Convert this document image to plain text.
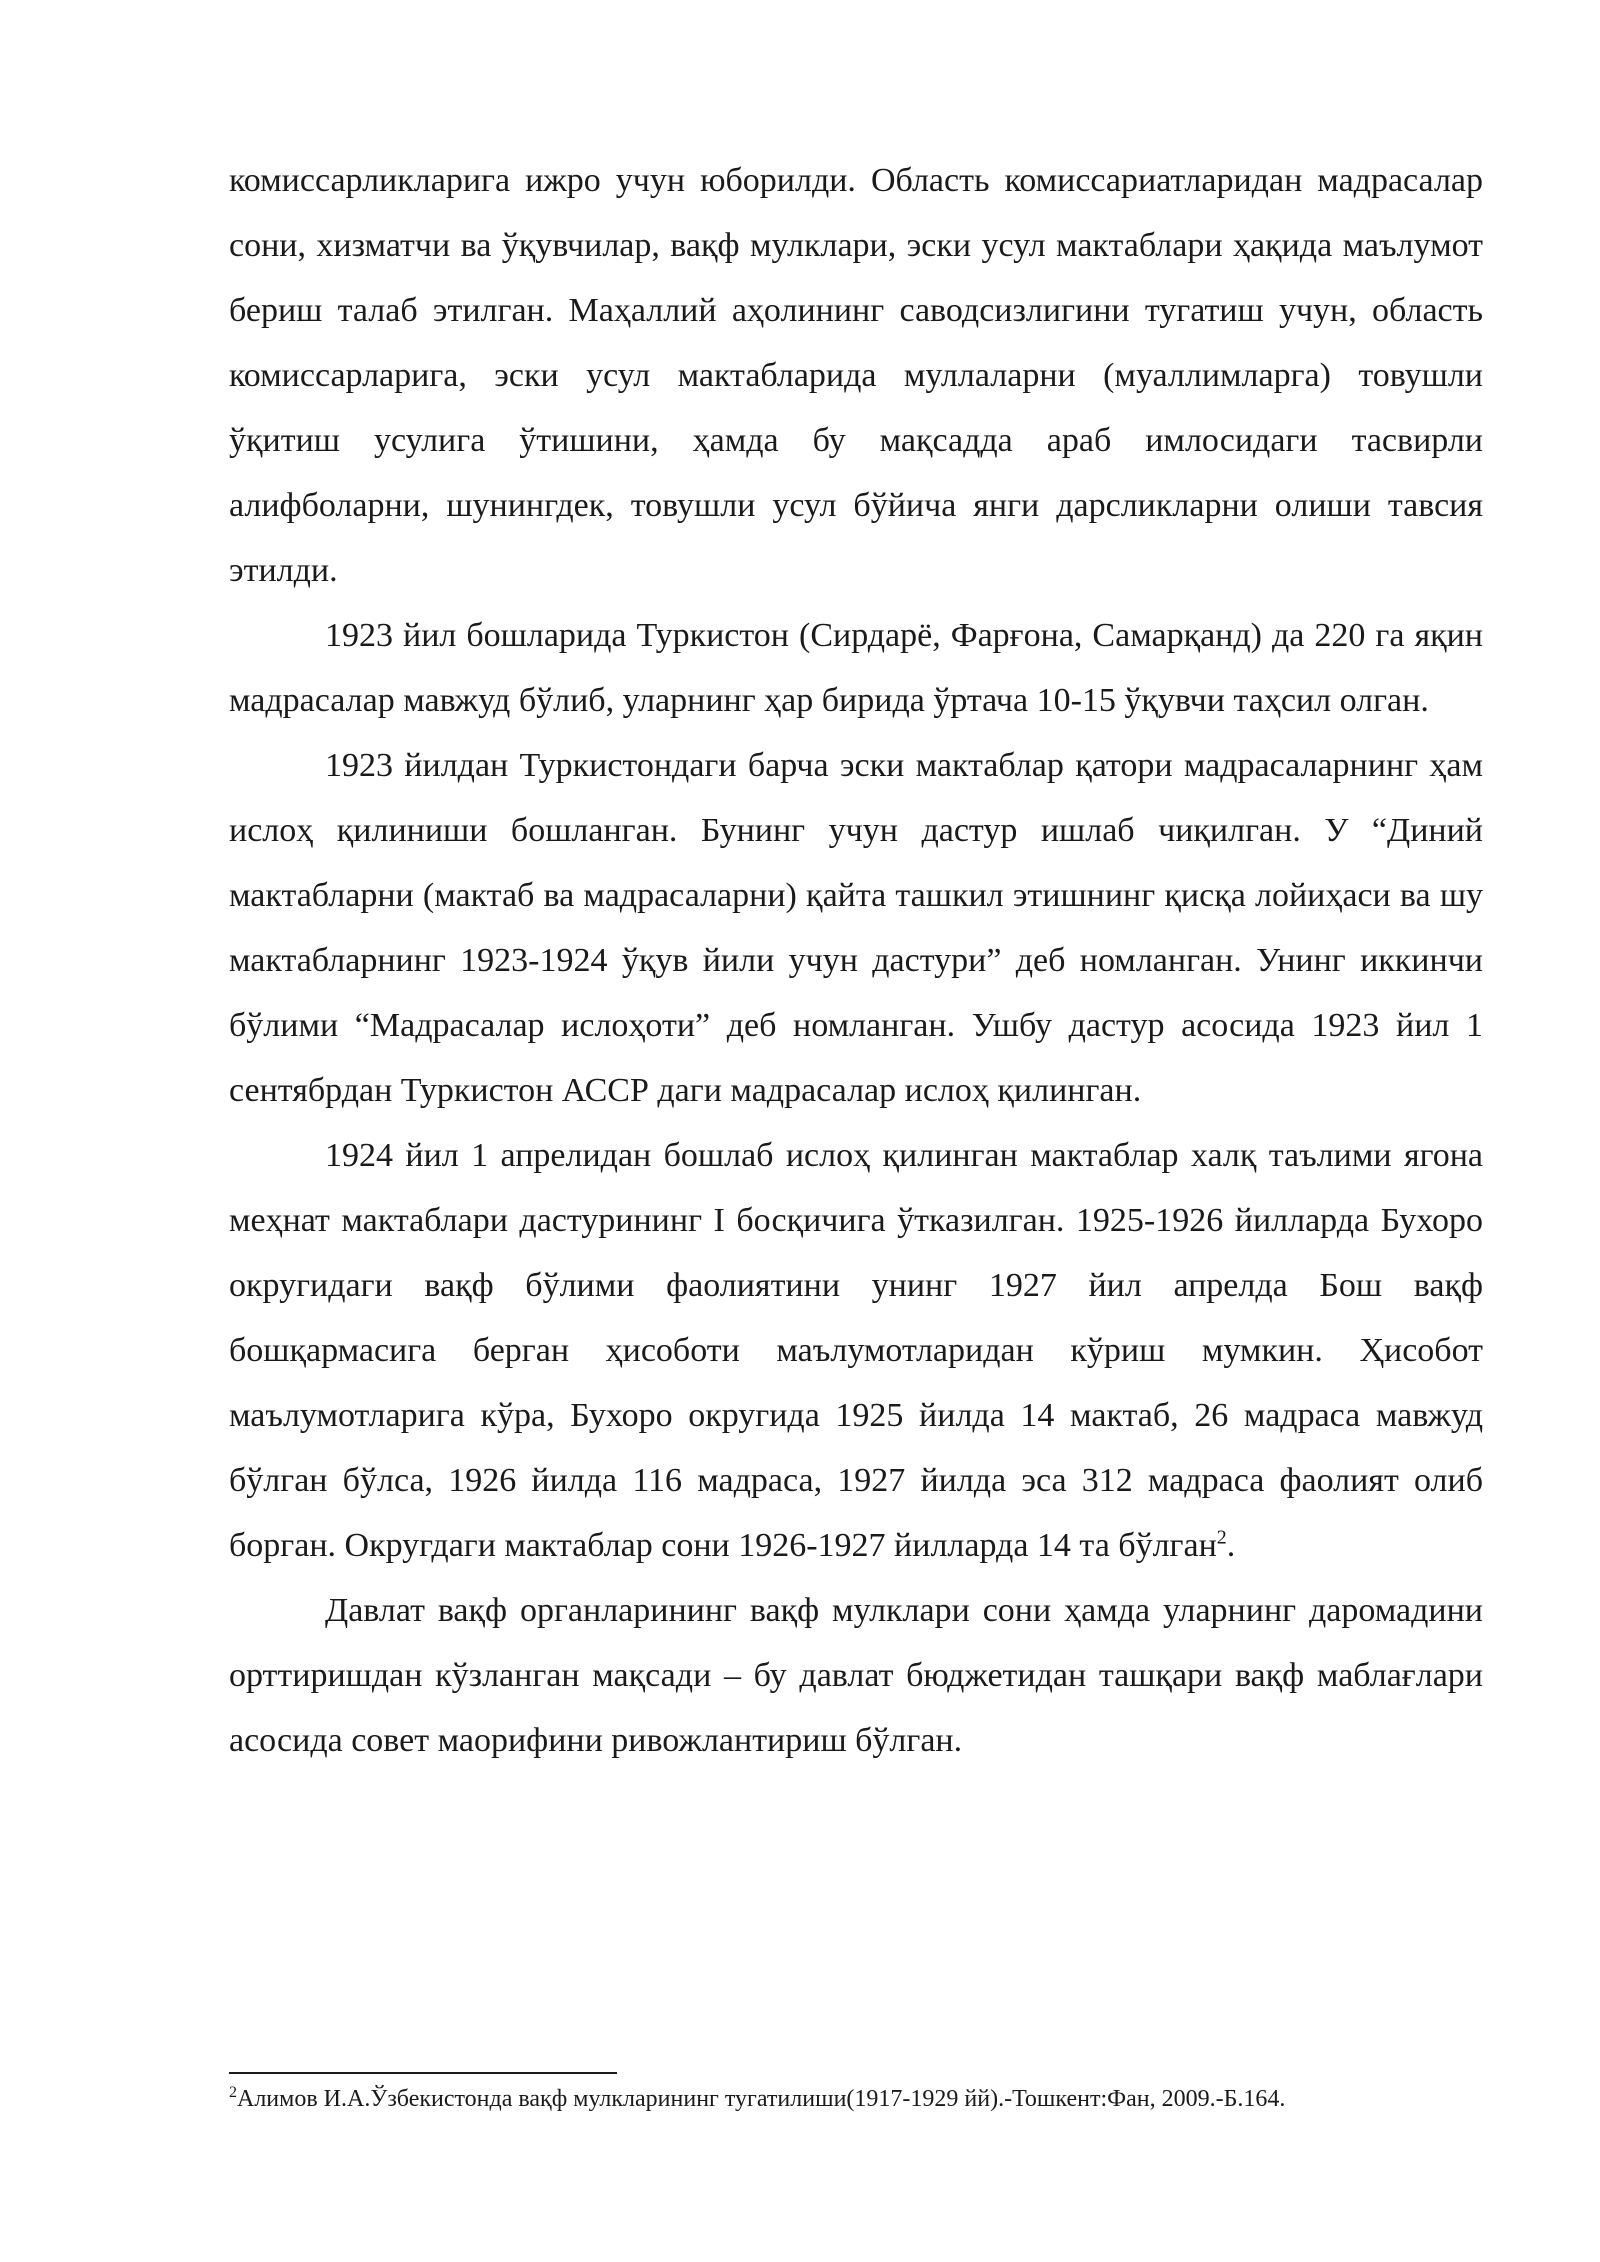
комиссарликларига ижро учун юборилди. Область комиссариатларидан мадрасалар сони, хизматчи ва ўқувчилар, вақф мулклари, эски усул мактаблари ҳақида маълумот бериш талаб этилган. Маҳаллий аҳолининг саводсизлигини тугатиш учун, область комиссарларига, эски усул мактабларида муллаларни (муаллимларга) товушли ўқитиш усулига ўтишини, ҳамда бу мақсадда араб имлосидаги тасвирли алифболарни, шунингдек, товушли усул бўйича янги дарсликларни олиши тавсия этилди.

1923 йил бошларида Туркистон (Сирдарё, Фарғона, Самарқанд) да 220 га яқин мадрасалар мавжуд бўлиб, уларнинг ҳар бирида ўртача 10-15 ўқувчи таҳсил олган.

1923 йилдан Туркистондаги барча эски мактаблар қатори мадрасаларнинг ҳам ислоҳ қилиниши бошланган. Бунинг учун дастур ишлаб чиқилган. У “Диний мактабларни (мактаб ва мадрасаларни) қайта ташкил этишнинг қисқа лойиҳаси ва шу мактабларнинг 1923-1924 ўқув йили учун дастури” деб номланган. Унинг иккинчи бўлими “Мадрасалар ислоҳоти” деб номланган. Ушбу дастур асосида 1923 йил 1 сентябрдан Туркистон АССР даги мадрасалар ислоҳ қилинган.

1924 йил 1 апрелидан бошлаб ислоҳ қилинган мактаблар халқ таълими ягона меҳнат мактаблари дастурининг I босқичига ўтказилган. 1925-1926 йилларда Бухоро округидаги вақф бўлими фаолиятини унинг 1927 йил апрелда Бош вақф бошқармасига берган ҳисоботи маълумотларидан кўриш мумкин. Ҳисобот маълумотларига кўра, Бухоро округида 1925 йилда 14 мактаб, 26 мадраса мавжуд бўлган бўлса, 1926 йилда 116 мадраса, 1927 йилда эса 312 мадраса фаолият олиб борган. Округдаги мактаблар сони 1926-1927 йилларда 14 та бўлган$^2$.

Давлат вақф органларининг вақф мулклари сони ҳамда уларнинг даромадини орттиришдан кўзланган мақсади – бу давлат бюджетидан ташқари вақф маблағлари асосида совет маорифини ривожлантириш бўлган.

$^2$Алимов И.А.Ўзбекистонда вақф мулкларининг тугатилиши(1917-1929 йй).-Тошкент:Фан, 2009.-Б.164.
